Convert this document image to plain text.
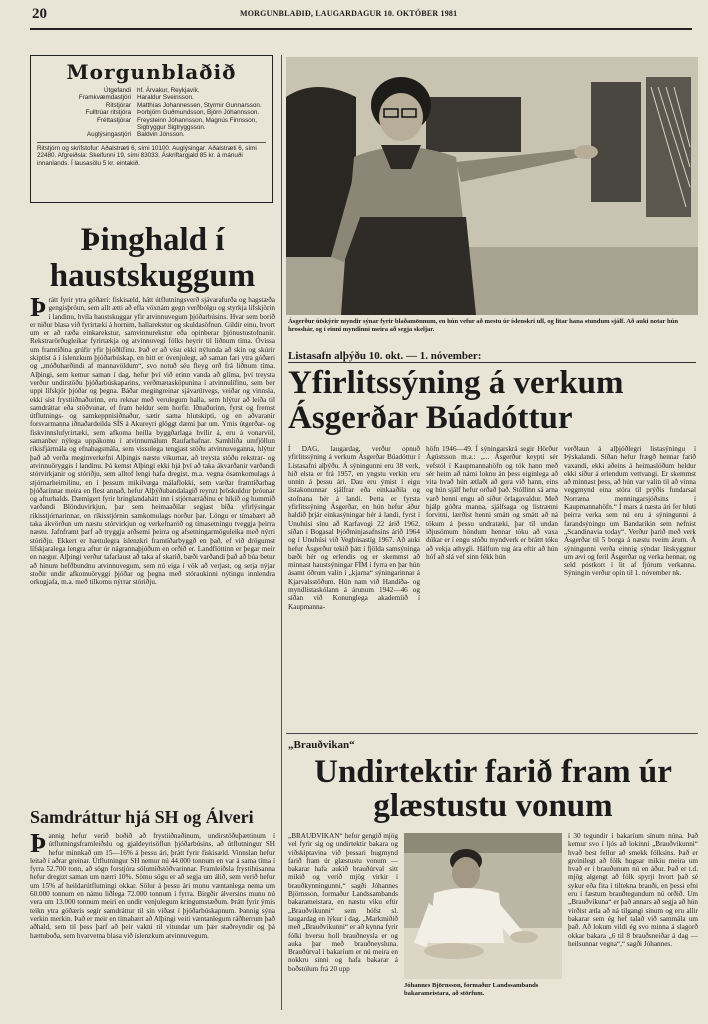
20	MORGUNBLAÐIÐ, LAUGARDAGUR 10. OKTÓBER 1981
Morgunblaðið
Útgefandi hf. Árvakur, Reykjavík.
Framkvæmdastjóri Haraldur Sveinsson.
Ritstjórar Matthías Johannessen, Styrmir Gunnarsson.
Fulltrúar ritstjóra Þorbjörn Guðmundsson, Björn Jóhannsson.
Fréttastjórar Freysteinn Jóhannsson, Magnús Finnsson, Sigtryggur Sigtryggsson.
Auglýsingastjóri Baldvin Jónsson.
Ritstjórn og skrifstofur: Aðalstræti 6, sími 10100. Auglýsingar: Aðalstræti 6, sími 22480. Afgreiðsla: Skeifunni 19, sími 83033. Áskriftargjald 85 kr. á mánuði innanlands. Í lausasölu 5 kr. eintakið.
Þinghald í haustskuggum
Þrátt fyrir ytra góðæri: fiskisæld, hátt útflutningsverð sjávarafurða og hagstæða gengisþróun, sem allt ætti að efla vöxnám gegn verðbólgu og styrkja lífskjörin í landinu, hvíla haustskuggar yfir atvinnuvegum þjóðarbúsins. Hvar sem borið er niður blasa við fyrirtæki á hornim, hallarekstur og skuldasöfnun. Gildir einu, hvort um er að ræða einkarekstur, samvinnurekstur eða opinberar þjónustustofnanir. Rekstrarörðugleikar fyrirtækja og atvinnuvegi fólks heyrir til liðnum tíma. Óvissa um framtíðina grúfir yfir þjóðlífinu. Það er að vísu ekki nýlunda að skin og skúrir skiptist á í íslenzkum þjóðarbúskap, en hitt er óvenjulegt, að saman fari ytra góðæri og „móðuharðindi af mannavöldum“, svo notuð séu fleyg orð frá liðnum tíma. Alþingi, sem kemur saman í dag, hefur því við erinn vanda að glíma, því treysta verður undirstöðu þjóðarbúskaparins, verðmætasköpunina í atvinnulífinu, sem ber uppi lífskjör þjóðar og þegna. Báðar megingreinar sjávarútvegs, veiðar og vinnsla, ekki síst frystiiðnaðurinn, eru reknar með verulegum halla, sem hlýtur að leiða til samdráttar eða stöðvunar, ef fram heldur sem horfir. Iðnaðurinn, fyrst og fremst útflutnings- og samkeppnisiðnaður, sætir sama hlutskipti, og en aðvaranir forsvarmanna iðnaðardeilda SÍS á Akureyri glöggt dæmi þar um. Ýmis útgerðar- og fiskvinnslufyrirtæki, sem afkoma heilla byggðarlaga hvílir á, eru á vonarvöl, samanber nýlega uppákomu í atvinnumálum Raufarhafnar. Samhliða umfjöllun ríkisfjármála og efnahagsmála, sem vissulega tengjast stöðu atvinnuveganna, hlýtur það að verða meginverkefni Alþingis næstu vikurnar, að treysta stöðu rekstrar- og atvinnuöryggis í landinu. Þá kemst Alþingi ekki hjá því að taka ákvarðanir varðandi stórvirkjanir og stóriðju, sem alltof lengi hafa dregist, m.a. vegna ósamkomulags á stjórnarheimilinu, en í þessum mikilvæga málaflokki, sem varðar framtíðarhag þjóðarinnar meira en flest annað, hefur Alþýðubandalagið reynzt þröskuldur þróunar og afturhalds. Dæmigert fyrir hringlandahátt inn í stjórnarráðinu er hikið og hummið varðandi Blönduvirkjun, þar sem heimaaðilar segjast bíða yfirlýsingar ríkisstjórnarinnar, en ríkisstjórnin samkomulags norður þar. Löngu er tímabært að taka ákvörðun um næstu stórvirkjun og verkefnaröð og tímasetningu tveggja þeirra næstu. Jafnframt þarf að tryggja arðsemi þeirra og afsetningarmöguleika með nýrri stóriðju. Ekkert er hættulegra íslenzkri framtíðarbyggð en það, ef við drögumst lífskjaralega lengra aftur úr nágrannaþjóðum en orðið er. Landflóttinn er þegar meir en nægur. Alþingi verður tafarlaust að taka af skarið, bæði varðandi það að búa betur að hinum hefðbundnu atvinnuvegum, sem nú eiga í vök að verjast, og setja nýjar stoðir undir afkomuöryggi þjóðar og þegna með stóraukinni nýtingu innlendra orkugjafa, m.a. með tilkomu nýrrar stóriðju.
Samdráttur hjá SH og Álveri
Þannig hefur verið boðið að frystiiðnaðinum, undirstöðuþættinum í útflutningsframleiðslu og gjaldeyrisöflun þjóðarbúsins, að útflutningur SH hefur minnkað um 15—16% á þessu ári, þrátt fyrir fiskisæld. Vinnslan hefur leitað í aðrar greinar. Útflutningur SH nemur nú 44.000 tonnum en var á sama tíma í fyrra 52.700 tonn, að sögn forstjóra sölumiðstöðvarinnar. Framleiðsla frystihúsanna hefur dregizt saman um nærri 10%. Sömu sögu er að segja um álið, sem verið hefur um 15% af heildarútflutningi okkar. Sölur á þessu ári munu væntanlega nema um 60.000 tonnum en námu liðlega 72.000 tonnum í fyrra. Birgðir álversins munu nú vera um 13.000 tonnum meiri en undir venjulegum kringumstæðum. Þrátt fyrir ýmis teikn ytra góðæris segir samdráttur til sín víðast í þjóðarbúskapnum. Þannig sýna verkin merkin. Það er meir en tímabært að Alþingi veiti væntanlegum ráðherrum það aðhald, sem til þess þarf að þeir vakni til vitundar um þær staðreyndir og þá hættuboða, sem hvarvetna blasa við íslenzkum atvinnuvegum.
Ásgerður útskýrir myndir sýnar fyrir blaðamönnum, en hún vefur að mestu úr íslenskri ull, og litar hana stundum sjálf. Að auki notar hún hrosshár, og í einni myndinni meira að segja skeljar.
Listasafn alþýðu 10. okt. — 1. nóvember:
Yfirlitssýning á verkum Ásgerðar Búadóttur
Í DAG, laugardag, verður opnuð yfirlitssýning á verkum Ásgerðar Búadóttur í Listasafni alþýðu. Á sýningunni eru 38 verk, hið elsta er frá 1957, en yngstu verkin eru unnin á þessu ári. Dau eru ýmist í eigu listakonunnar sjálfrar eða einkaaðila og stofnana hér á landi. Þetta er fyrsta yfirlitssýning Ásgerðar, en hún hefur áður haldið þrjár einkasýningar hér á landi, fyrst í Unuhúsi sínu að Karfavogi 22 árið 1962, síðan í Bogasal Þjóðminjasafnsins árið 1964 og í Unuhúsi við Veghúsastíg 1967. Að auki hefur Ásgerður tekið þátt í fjölda samsýninga bæði hér og erlendis og er skemmst að minnast haustsýningar FÍM í fyrra en þar hún ásamt öðrum valin í „kjarna“ sýningarinnar á Kjarvalsstöðum. Hún nam við Handíða- og myndlistaskólann á árunum 1942—46 og síðan við Konunglega akademíið í Kaupmanna-
höfn 1946—49. Í sýningarskrá segir Hörður Ágústsson m.a.: „... Ásgerður keypti sér vefstól í Kaupmannahöfn og tók hann með sér heim að námi loknu án þess eiginlega að vita hvað hún ætlaði að gera við hann, eins og hún sjálf hefur orðað það. Stóllinn sá arna varð henni engu að síður örlagavaldur. Með hjálp góðra manna, sjálfsaga og listrænni forvitni, lærðist henni smátt og smátt að ná tökum á þessu undratæki, þar til undan iðjusömum höndum hennar tóku að vaxa dúkar er í engu stóðu myndverk er bráttt tóku að vekja athygli. Hálfum tug ára eftir að hún hóf að slá vef sinn fékk hún
verðlaun á alþjóðlegri listasýningu í Þýskalandi. Síðan hefur frægð hennar farið vaxandi, ekki aðeins á heimaslóðum heldur ekki síður á erlendum vettvangi. Er skemmst að minnast þess, að hún var valin til að vinna veggmynd eina stóra til prýðis fundarsal Norræna menningarsjóðsins í Kaupmannahöfn.“ Í mars á næsta ári fer hluti þeirra verka sem nú eru á sýningunni á farandsýningu um Bandaríkin sem nefnist „Scandinavia today“. Verður þarið með verk Ásgerðar til 5 borga á næstu tveim árum. Á sýningunni verða einnig sýndar lítskyggnur um ævi og feril Ásgerðar og verka hennar, og seld póstkort í lit af fjórum verkanna. Sýningin verður opin til 1. nóvember nk.
„Brauðvikan“
Undirtektir farið fram úr glæstustu vonum
„BRAUÐVIKAN“ hefur gengið mjög vel fyrir sig og undirtektir bakara og viðskiptavina við þessari hugmynd farið fram úr glæstustu vonum — bakarar hafa aukið brauðúrval sitt mikið og verið mjög virkir í brauðkynningunni,“ sagði Jóhannes Björnsson, formaður Landssambands bakarameistara, en næstu viku eftir „Brauðvikunni“ sem hófst sl. laugardag en lýkur í dag. „Markmiðið með „Brauðvikunni“ er að kynna fyrir fólki hversu holl brauðneysla er og auka þar með brauðneysluna. Brauðúrval í bakaríum er nú meira en nokkru sinni og hafa bakarar á boðstólum frá 20 upp
Jóhannes Björnsson, formaður Landssambands bakarameistara, að störfum.
í 30 tegundir í bakaríum sínum núna. Það kemur svo í ljós að lokinni „Brauðvikunni“ hvað best fellur að smekk fólksins. Það er greinilegt að fólk hugsar mikiu meira um hvað er í brauðunum nú en áður. Það er t.d. mjög algengt að fólk spyrji hvort það sé sykur eða fita í tiltekna brauði, en þessi efni eru í fæstum brauðtegundum nú orðið. Um „Brauðvikuna“ er það annars að segja að hún virðist ætla að ná tilgangi sínum og eru allir bakarar sem ég hef talað við sammála um það. Að lokum vildi ég svo minna á slagorð okkar bakara „6 til 8 brauðsneiðar á dag — heilsunnar vegna“,“ sagði Jóhannes.
